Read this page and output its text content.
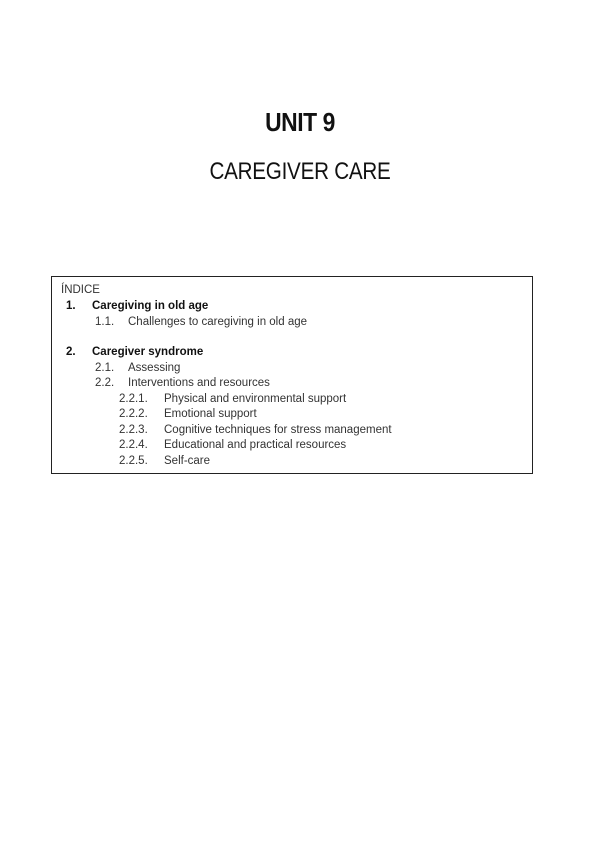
UNIT 9
CAREGIVER CARE
ÍNDICE
1. Caregiving in old age
1.1. Challenges to caregiving in old age
2. Caregiver syndrome
2.1. Assessing
2.2. Interventions and resources
2.2.1. Physical and environmental support
2.2.2. Emotional support
2.2.3. Cognitive techniques for stress management
2.2.4. Educational and practical resources
2.2.5. Self-care
